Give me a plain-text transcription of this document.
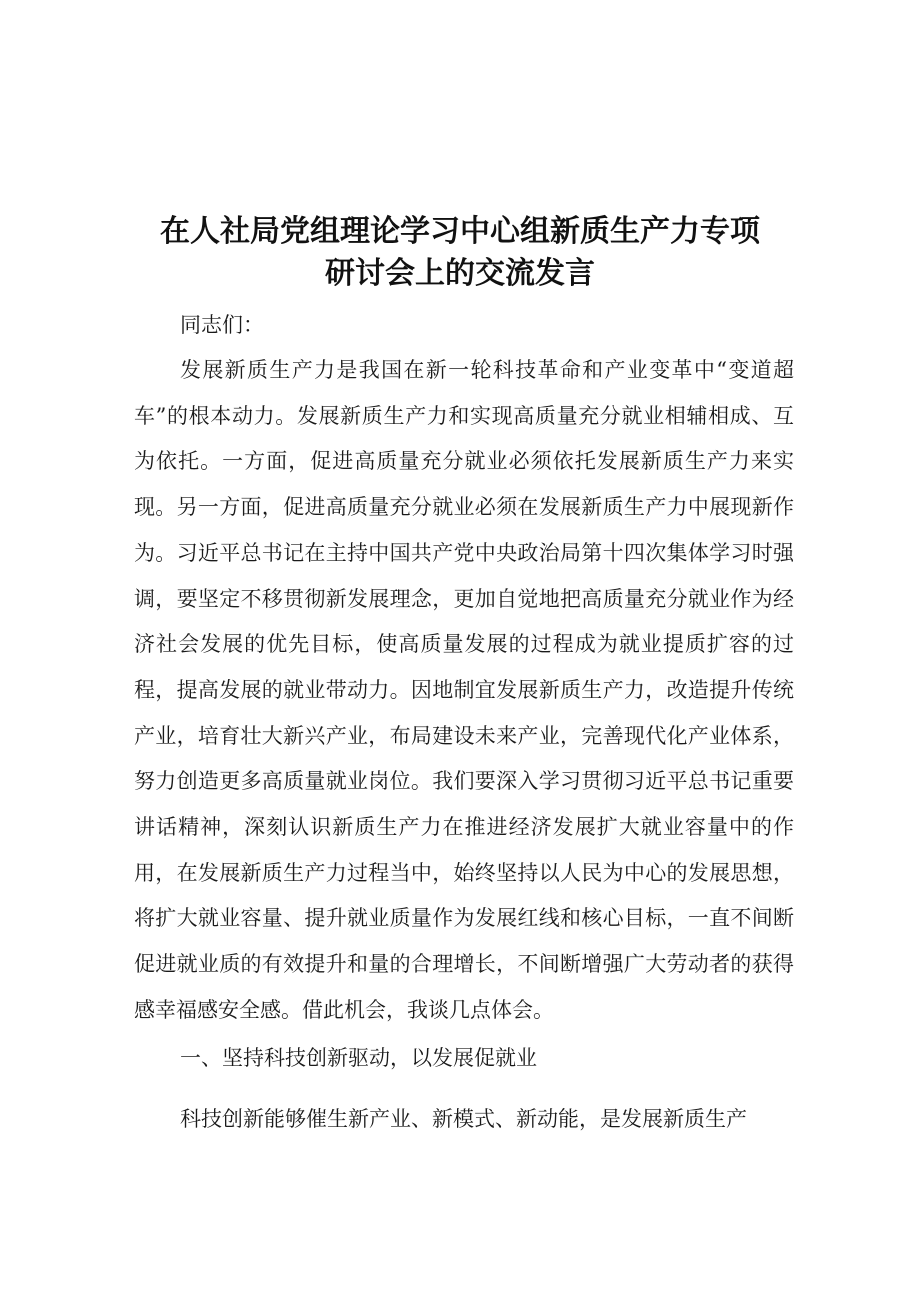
在人社局党组理论学习中心组新质生产力专项
研讨会上的交流发言

同志们：

发展新质生产力是我国在新一轮科技革命和产业变革中“变道超车”的根本动力。发展新质生产力和实现高质量充分就业相辅相成、互为依托。一方面，促进高质量充分就业必须依托发展新质生产力来实现。另一方面，促进高质量充分就业必须在发展新质生产力中展现新作为。习近平总书记在主持中国共产党中央政治局第十四次集体学习时强调，要坚定不移贯彻新发展理念，更加自觉地把高质量充分就业作为经济社会发展的优先目标，使高质量发展的过程成为就业提质扩容的过程，提高发展的就业带动力。因地制宜发展新质生产力，改造提升传统产业，培育壮大新兴产业，布局建设未来产业，完善现代化产业体系，努力创造更多高质量就业岗位。我们要深入学习贯彻习近平总书记重要讲话精神，深刻认识新质生产力在推进经济发展扩大就业容量中的作用，在发展新质生产力过程当中，始终坚持以人民为中心的发展思想，将扩大就业容量、提升就业质量作为发展红线和核心目标，一直不间断促进就业质的有效提升和量的合理增长，不间断增强广大劳动者的获得感幸福感安全感。借此机会，我谈几点体会。

一、坚持科技创新驱动，以发展促就业

科技创新能够催生新产业、新模式、新动能，是发展新质生产
